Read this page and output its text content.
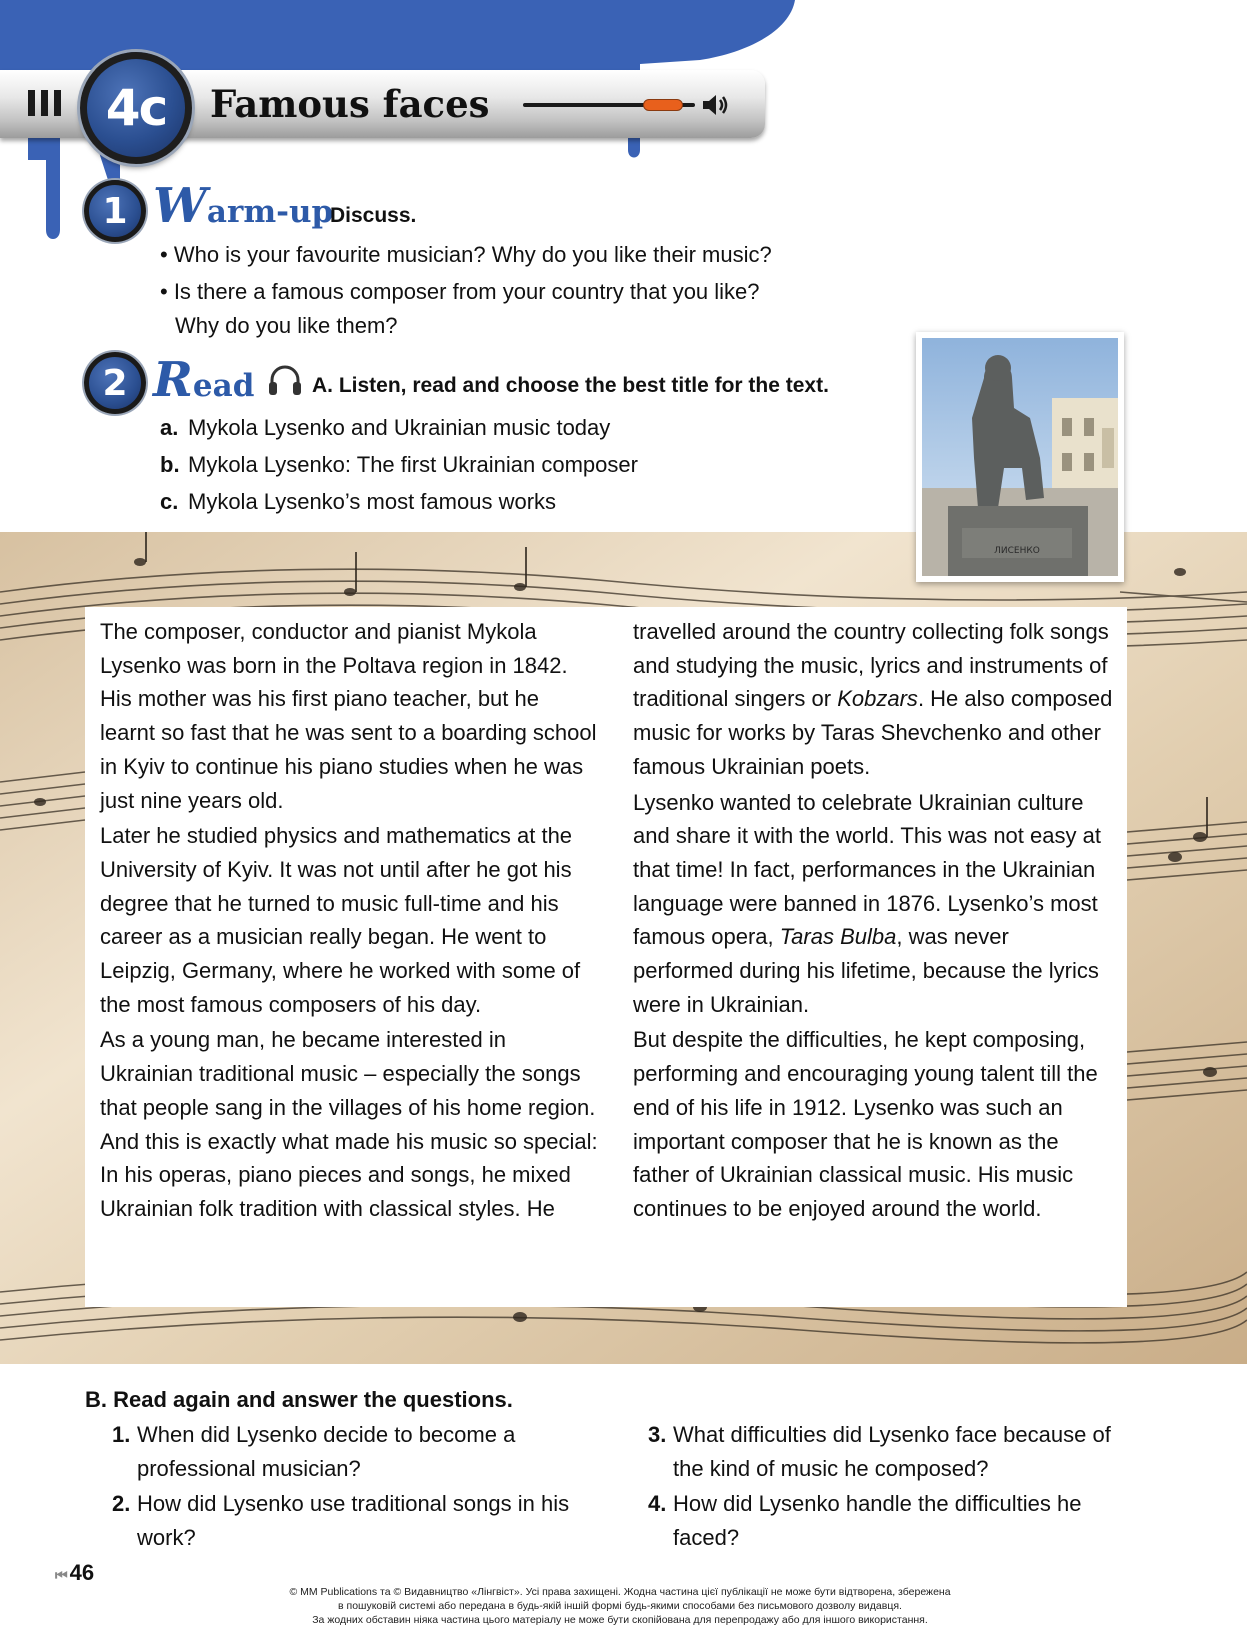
4c	Famous faces
1 Warm-up
Discuss.
• Who is your favourite musician? Why do you like their music?
• Is there a famous composer from your country that you like?
Why do you like them?
2 Read	A. Listen, read and choose the best title for the text.
a. Mykola Lysenko and Ukrainian music today
b. Mykola Lysenko: The first Ukrainian composer
c. Mykola Lysenko’s most famous works
ЛИСЕНКО

The composer, conductor and pianist Mykola Lysenko was born in the Poltava region in 1842. His mother was his first piano teacher, but he learnt so fast that he was sent to a boarding school in Kyiv to continue his piano studies when he was just nine years old.

Later he studied physics and mathematics at the University of Kyiv. It was not until after he got his degree that he turned to music full-time and his career as a musician really began. He went to Leipzig, Germany, where he worked with some of the most famous composers of his day.

As a young man, he became interested in Ukrainian traditional music – especially the songs that people sang in the villages of his home region. And this is exactly what made his music so special: In his operas, piano pieces and songs, he mixed Ukrainian folk tradition with classical styles. He

travelled around the country collecting folk songs and studying the music, lyrics and instruments of traditional singers or Kobzars. He also composed music for works by Taras Shevchenko and other famous Ukrainian poets.

Lysenko wanted to celebrate Ukrainian culture and share it with the world. This was not easy at that time! In fact, performances in the Ukrainian language were banned in 1876. Lysenko’s most famous opera, Taras Bulba, was never performed during his lifetime, because the lyrics were in Ukrainian.

But despite the difficulties, he kept composing, performing and encouraging young talent till the end of his life in 1912. Lysenko was such an important composer that he is known as the father of Ukrainian classical music. His music continues to be enjoyed around the world.

B. Read again and answer the questions.
1. When did Lysenko decide to become a professional musician?
2. How did Lysenko use traditional songs in his work?
3. What difficulties did Lysenko face because of the kind of music he composed?
4. How did Lysenko handle the difficulties he faced?
⏮46
© MM Publications та © Видавництво «Лінгвіст». Усі права захищені. Жодна частина цієї публікації не може бути відтворена, збережена
в пошуковій системі або передана в будь-якій іншій формі будь-якими способами без письмового дозволу видавця.
За жодних обставин ніяка частина цього матеріалу не може бути скопійована для перепродажу або для іншого використання.
